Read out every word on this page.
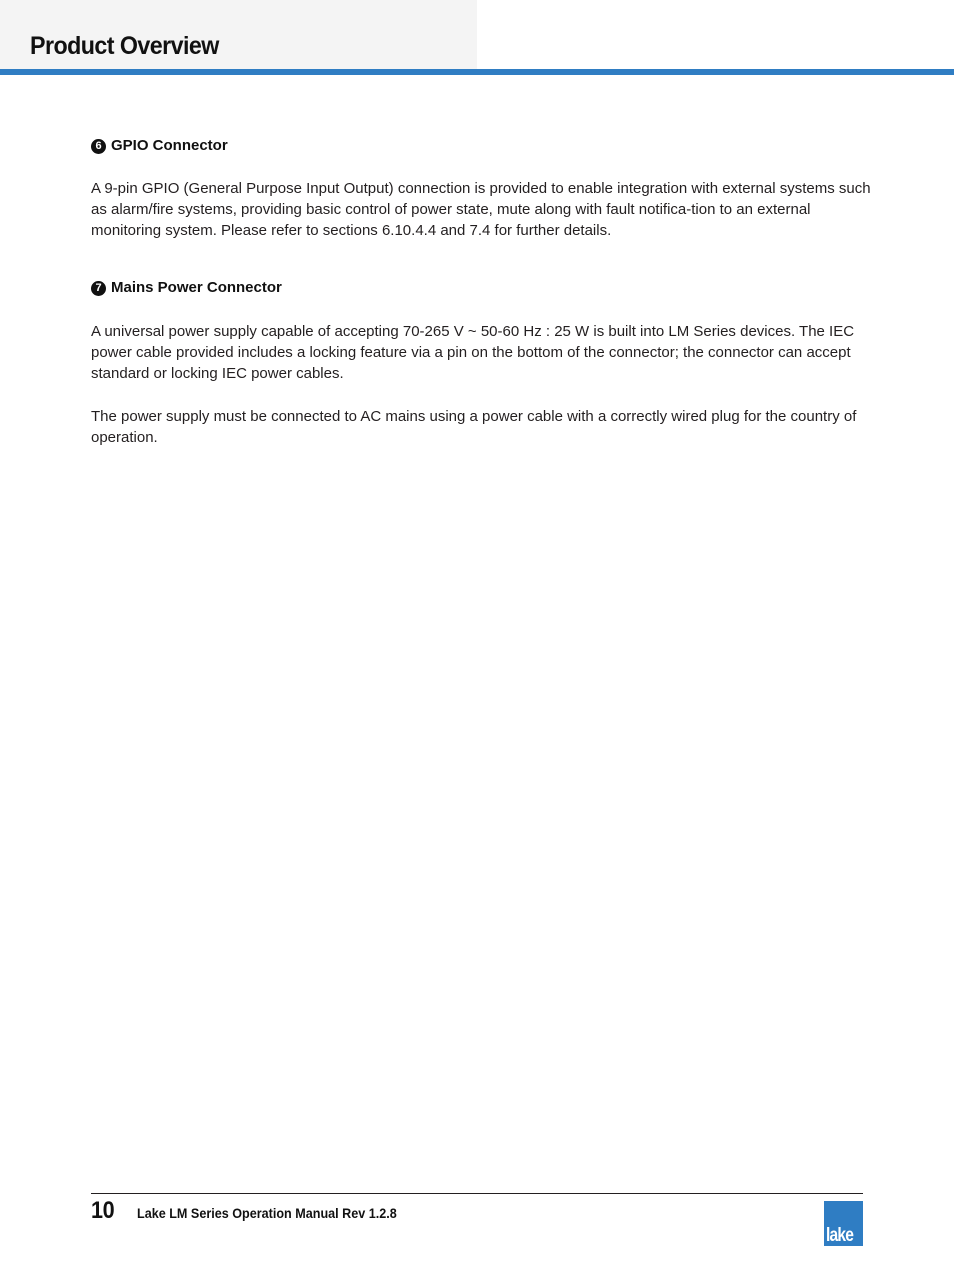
Product Overview
6 GPIO Connector

A 9-pin GPIO (General Purpose Input Output) connection is provided to enable integration with external systems such as alarm/fire systems, providing basic control of power state, mute along with fault notifica-tion to an external monitoring system. Please refer to sections 6.10.4.4 and 7.4 for further details.

7 Mains Power Connector

A universal power supply capable of accepting 70-265 V ~ 50-60 Hz : 25 W is built into LM Series devices. The IEC power cable provided includes a locking feature via a pin on the bottom of the connector; the connector can accept standard or locking IEC power cables.

The power supply must be connected to AC mains using a power cable with a correctly wired plug for the country of operation.

10 Lake LM Series Operation Manual Rev 1.2.8
lake
